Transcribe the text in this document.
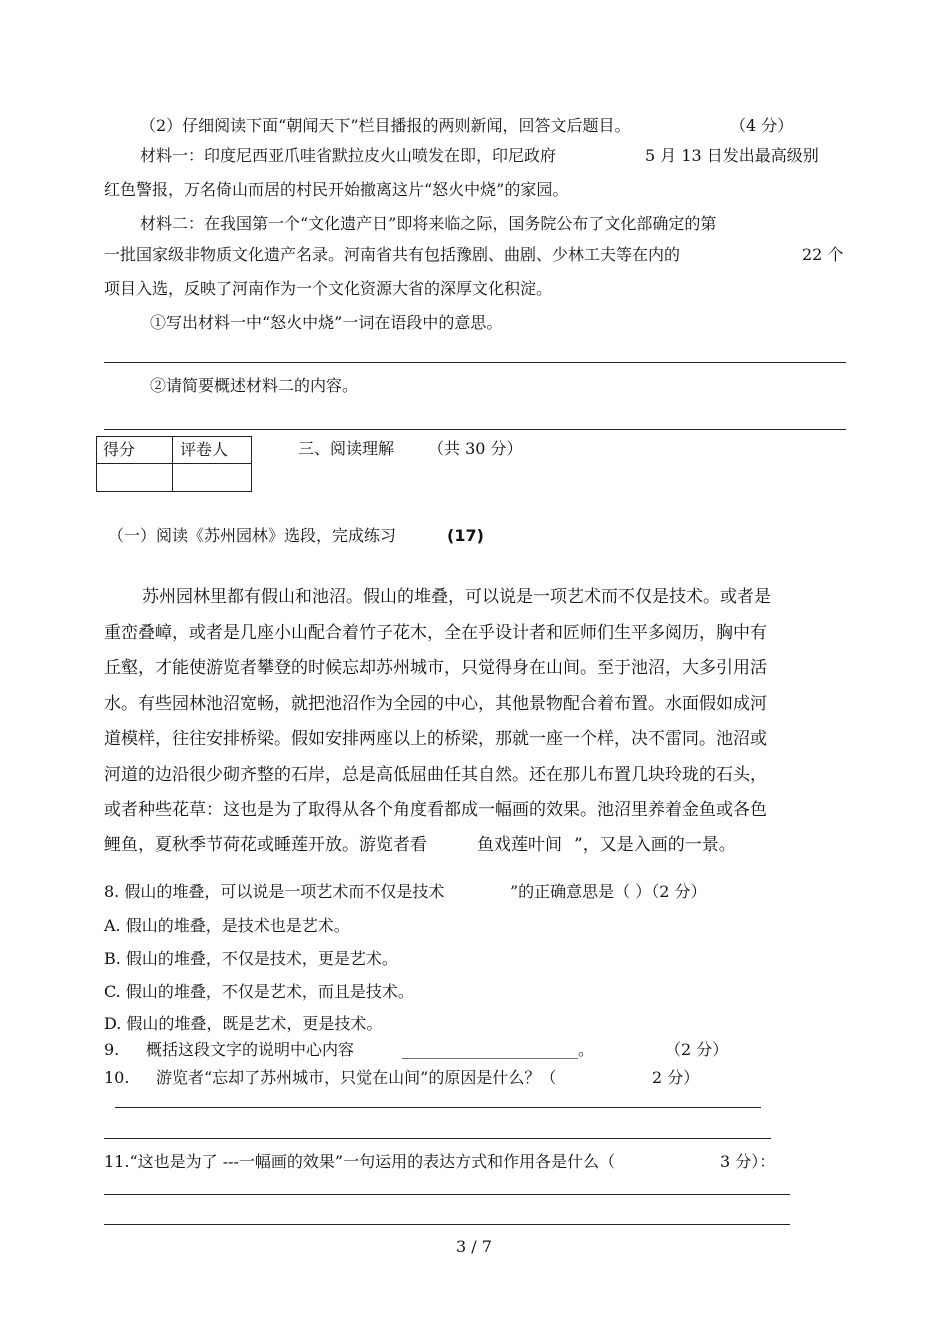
（2）仔细阅读下面“朝闻天下”栏目播报的两则新闻，回答文后题目。	（4 分）
材料一：印度尼西亚爪哇省默拉皮火山喷发在即，印尼政府	5 月 13 日发出最高级别
红色警报，万名倚山而居的村民开始撤离这片“怒火中烧”的家园。
材料二：在我国第一个“文化遗产日”即将来临之际，国务院公布了文化部确定的第
一批国家级非物质文化遗产名录。河南省共有包括豫剧、曲剧、少林工夫等在内的	22 个
项目入选，反映了河南作为一个文化资源大省的深厚文化积淀。
①写出材料一中“怒火中烧”一词在语段中的意思。
②请简要概述材料二的内容。
得分	评卷人	三、阅读理解 （共 30 分）
（一）阅读《苏州园林》选段，完成练习	(17)
苏州园林里都有假山和池沼。假山的堆叠，可以说是一项艺术而不仅是技术。或者是
重峦叠嶂，或者是几座小山配合着竹子花木，全在乎设计者和匠师们生平多阅历，胸中有
丘壑，才能使游览者攀登的时候忘却苏州城市，只觉得身在山间。至于池沼，大多引用活
水。有些园林池沼宽畅，就把池沼作为全园的中心，其他景物配合着布置。水面假如成河
道模样，往往安排桥梁。假如安排两座以上的桥梁，那就一座一个样，决不雷同。池沼或
河道的边沿很少砌齐整的石岸，总是高低屈曲任其自然。还在那儿布置几块玲珑的石头，
或者种些花草：这也是为了取得从各个角度看都成一幅画的效果。池沼里养着金鱼或各色
鲤鱼，夏秋季节荷花或睡莲开放。游览者看	鱼戏莲叶间 ”，又是入画的一景。
8. 假山的堆叠，可以说是一项艺术而不仅是技术	”的正确意思是（ ）（2 分）
A. 假山的堆叠，是技术也是艺术。
B. 假山的堆叠，不仅是技术，更是艺术。
C. 假山的堆叠，不仅是艺术，而且是技术。
D. 假山的堆叠，既是艺术，更是技术。
9. 概括这段文字的说明中心内容	______________________。	（2 分）
10. 游览者“忘却了苏州城市，只觉在山间”的原因是什么？（	2 分）
11.“这也是为了 ---一幅画的效果”一句运用的表达方式和作用各是什么（	3 分）：
3 / 7
